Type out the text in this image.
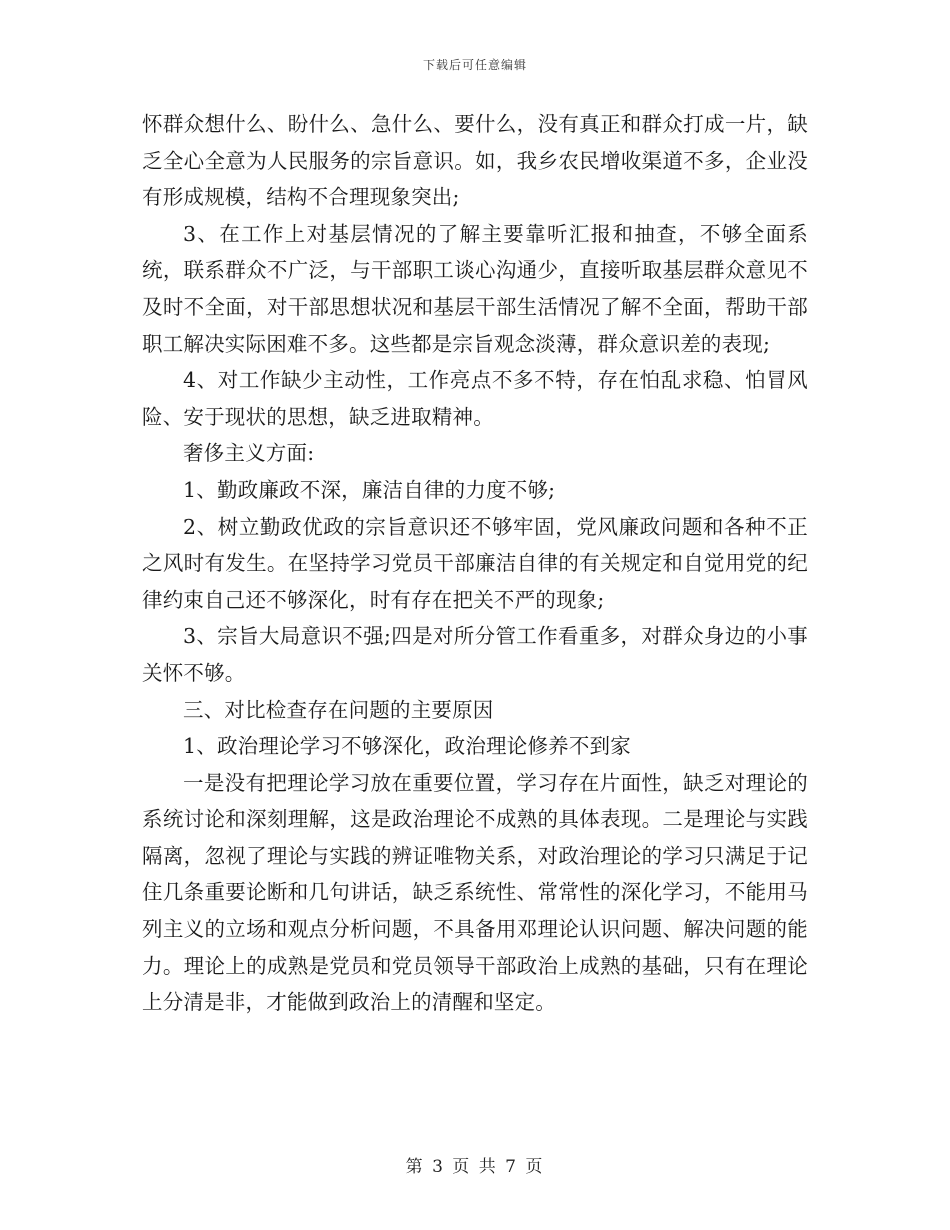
下载后可任意编辑

怀群众想什么、盼什么、急什么、要什么，没有真正和群众打成一片，缺乏全心全意为人民服务的宗旨意识。如，我乡农民增收渠道不多，企业没有形成规模，结构不合理现象突出;

3、在工作上对基层情况的了解主要靠听汇报和抽查，不够全面系统，联系群众不广泛，与干部职工谈心沟通少，直接听取基层群众意见不及时不全面，对干部思想状况和基层干部生活情况了解不全面，帮助干部职工解决实际困难不多。这些都是宗旨观念淡薄，群众意识差的表现;

4、对工作缺少主动性，工作亮点不多不特，存在怕乱求稳、怕冒风险、安于现状的思想，缺乏进取精神。

奢侈主义方面:

1、勤政廉政不深，廉洁自律的力度不够;

2、树立勤政优政的宗旨意识还不够牢固，党风廉政问题和各种不正之风时有发生。在坚持学习党员干部廉洁自律的有关规定和自觉用党的纪律约束自己还不够深化，时有存在把关不严的现象;

3、宗旨大局意识不强;四是对所分管工作看重多，对群众身边的小事关怀不够。

三、对比检查存在问题的主要原因

1、政治理论学习不够深化，政治理论修养不到家

一是没有把理论学习放在重要位置，学习存在片面性，缺乏对理论的系统讨论和深刻理解，这是政治理论不成熟的具体表现。二是理论与实践隔离，忽视了理论与实践的辨证唯物关系，对政治理论的学习只满足于记住几条重要论断和几句讲话，缺乏系统性、常常性的深化学习，不能用马列主义的立场和观点分析问题，不具备用邓理论认识问题、解决问题的能力。理论上的成熟是党员和党员领导干部政治上成熟的基础，只有在理论上分清是非，才能做到政治上的清醒和坚定。

第 3 页 共 7 页
